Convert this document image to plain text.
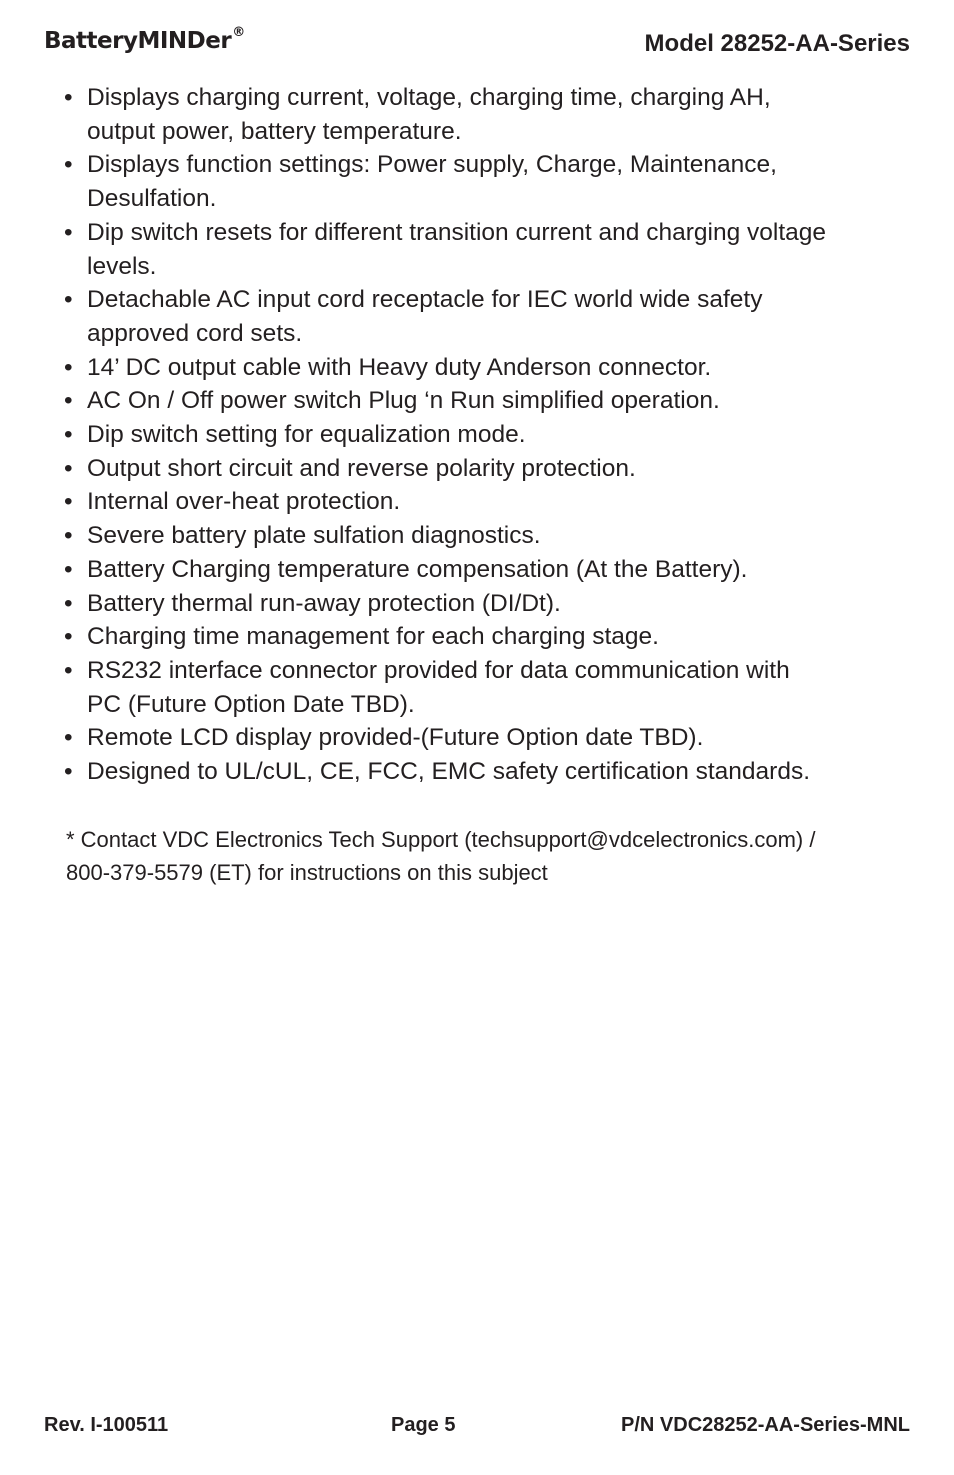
BatteryMINDer®	Model 28252-AA-Series
• Displays charging current, voltage, charging time, charging AH,
output power, battery temperature.
• Displays function settings: Power supply, Charge, Maintenance,
Desulfation.
• Dip switch resets for different transition current and charging voltage
levels.
• Detachable AC input cord receptacle for IEC world wide safety
approved cord sets.
• 14’ DC output cable with Heavy duty Anderson connector.
• AC On / Off power switch Plug ‘n Run simplified operation.
• Dip switch setting for equalization mode.
• Output short circuit and reverse polarity protection.
• Internal over-heat protection.
• Severe battery plate sulfation diagnostics.
• Battery Charging temperature compensation (At the Battery).
• Battery thermal run-away protection (DI/Dt).
• Charging time management for each charging stage.
• RS232 interface connector provided for data communication with
PC (Future Option Date TBD).
• Remote LCD display provided-(Future Option date TBD).
• Designed to UL/cUL, CE, FCC, EMC safety certification standards.
* Contact VDC Electronics Tech Support (techsupport@vdcelectronics.com) /
800-379-5579 (ET) for instructions on this subject
Rev. I-100511	Page 5	P/N VDC28252-AA-Series-MNL
